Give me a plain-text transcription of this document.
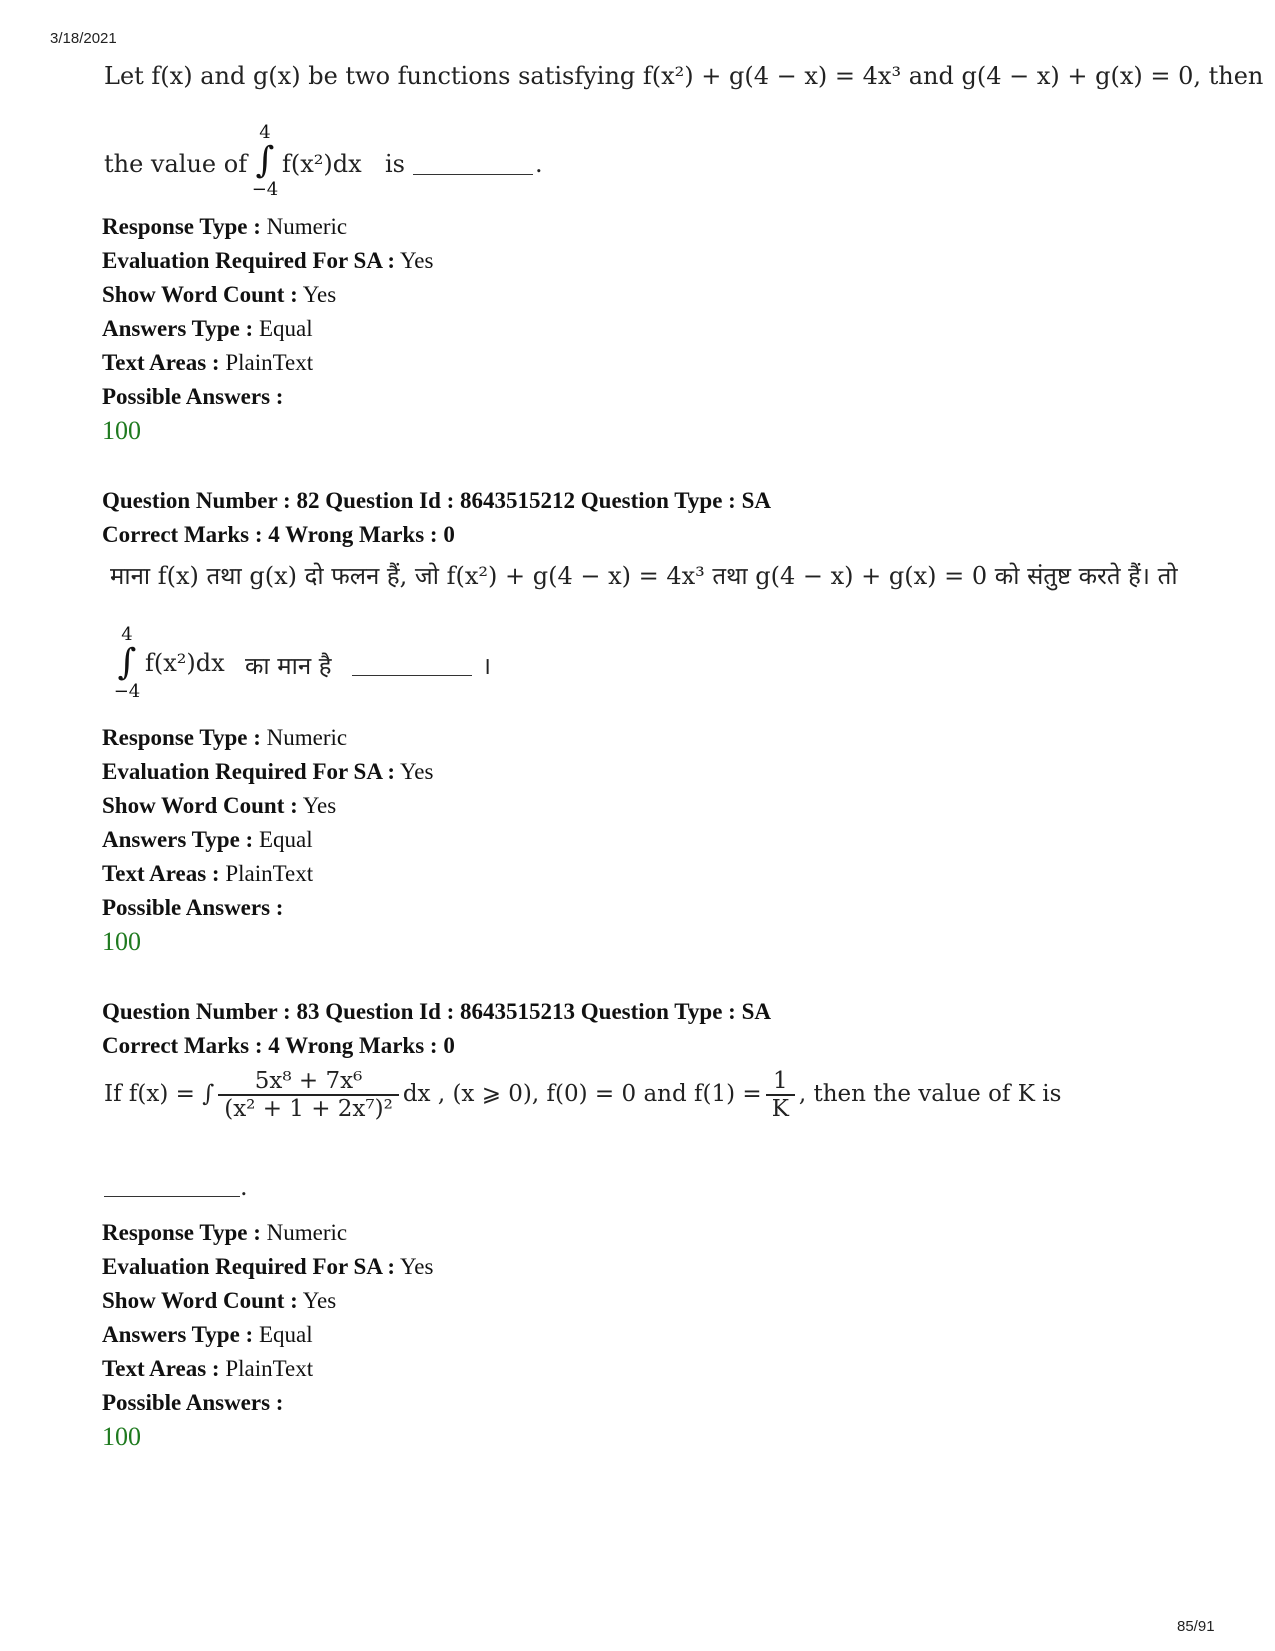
3/18/2021
Let f(x) and g(x) be two functions satisfying f(x²) + g(4 − x) = 4x³ and g(4 − x) + g(x) = 0, then
the value of
4
∫
−4
f(x²)dx is	.
Response Type : Numeric
Evaluation Required For SA : Yes
Show Word Count : Yes
Answers Type : Equal
Text Areas : PlainText
Possible Answers :
100
Question Number : 82 Question Id : 8643515212 Question Type : SA
Correct Marks : 4 Wrong Marks : 0
माना f(x) तथा g(x) दो फलन हैं, जो f(x²) + g(4 − x) = 4x³ तथा g(4 − x) + g(x) = 0 को संतुष्ट करते हैं। तो
4
∫
−4
f(x²)dx का मान है	।
Response Type : Numeric
Evaluation Required For SA : Yes
Show Word Count : Yes
Answers Type : Equal
Text Areas : PlainText
Possible Answers :
100
Question Number : 83 Question Id : 8643515213 Question Type : SA
Correct Marks : 4 Wrong Marks : 0
If f(x) = ∫ $\frac{\text{5x⁸ + 7x⁶}}{\text{(x² + 1 + 2x⁷)²}}$ dx , (x ⩾ 0), f(0) = 0 and $f(1) = \frac{1}{K}$ , then the value of K is
.
Response Type : Numeric
Evaluation Required For SA : Yes
Show Word Count : Yes
Answers Type : Equal
Text Areas : PlainText
Possible Answers :
100
85/91
